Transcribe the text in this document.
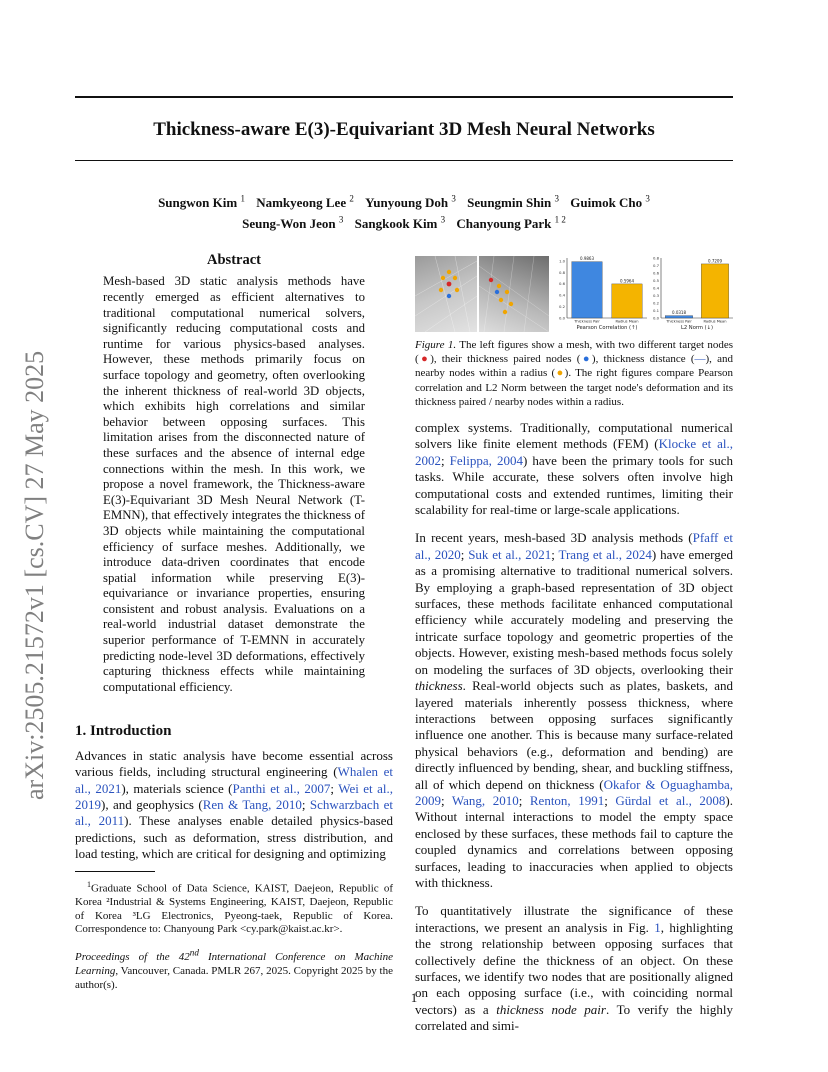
Thickness-aware E(3)-Equivariant 3D Mesh Neural Networks
Sungwon Kim $^1$ Namkyeong Lee $^2$ Yunyoung Doh $^3$ Seungmin Shin $^3$ Guimok Cho $^3$
Seung-Won Jeon $^3$ Sangkook Kim $^3$ Chanyoung Park $^{1 2}$
arXiv:2505.21572v1 [cs.CV] 27 May 2025
Abstract
Mesh-based 3D static analysis methods have recently emerged as efficient alternatives to traditional computational numerical solvers, significantly reducing computational costs and runtime for various physics-based analyses. However, these methods primarily focus on surface topology and geometry, often overlooking the inherent thickness of real-world 3D objects, which exhibits high correlations and similar behavior between opposing surfaces. This limitation arises from the disconnected nature of these surfaces and the absence of internal edge connections within the mesh. In this work, we propose a novel framework, the Thickness-aware E(3)-Equivariant 3D Mesh Neural Network (T-EMNN), that effectively integrates the thickness of 3D objects while maintaining the computational efficiency of surface meshes. Additionally, we introduce data-driven coordinates that encode spatial information while preserving E(3)-equivariance or invariance properties, ensuring consistent and robust analysis. Evaluations on a real-world industrial dataset demonstrate the superior performance of T-EMNN in accurately predicting node-level 3D deformations, effectively capturing thickness effects while maintaining computational efficiency.
1. Introduction

Advances in static analysis have become essential across various fields, including structural engineering (Whalen et al., 2021), materials science (Panthi et al., 2007; Wei et al., 2019), and geophysics (Ren & Tang, 2010; Schwarzbach et al., 2011). These analyses enable detailed physics-based predictions, such as deformation, stress distribution, and load testing, which are critical for designing and optimizing

$^1$Graduate School of Data Science, KAIST, Daejeon, Republic of Korea ²Industrial & Systems Engineering, KAIST, Daejeon, Republic of Korea ³LG Electronics, Pyeong-taek, Republic of Korea. Correspondence to: Chanyoung Park <cy.park@kaist.ac.kr>.

Proceedings of the 42nd International Conference on Machine Learning, Vancouver, Canada. PMLR 267, 2025. Copyright 2025 by the author(s).
0.0
0.2
0.4
0.6
0.8
1.0	0.9863
Thickness Pair
0.5964
Radius Mean
Pearson Correlation (↑)
0.0
0.1
0.2
0.3
0.4
0.5
0.6
0.7
0.8
0.0318
Thickness Pair
0.7209
Radius Mean
L2 Norm (↓)
Figure 1. The left figures show a mesh, with two different target nodes (●), their thickness paired nodes (●), thickness distance (—), and nearby nodes within a radius (●). The right figures compare Pearson correlation and L2 Norm between the target node's deformation and its thickness paired / nearby nodes within a radius.

complex systems. Traditionally, computational numerical solvers like finite element methods (FEM) (Klocke et al., 2002; Felippa, 2004) have been the primary tools for such tasks. While accurate, these solvers often involve high computational costs and extended runtimes, limiting their scalability for real-time or large-scale applications.

In recent years, mesh-based 3D analysis methods (Pfaff et al., 2020; Suk et al., 2021; Trang et al., 2024) have emerged as a promising alternative to traditional numerical solvers. By employing a graph-based representation of 3D object surfaces, these methods facilitate enhanced computational efficiency while accurately modeling and preserving the intricate surface topology and geometric properties of the objects. However, existing mesh-based methods focus solely on modeling the surfaces of 3D objects, overlooking their thickness. Real-world objects such as plates, baskets, and layered materials inherently possess thickness, where interactions between opposing surfaces significantly influence one another. This is because many surface-related physical behaviors (e.g., deformation and bending) are directly influenced by bending, shear, and buckling stiffness, all of which depend on thickness (Okafor & Oguaghamba, 2009; Wang, 2010; Renton, 1991; Gürdal et al., 2008). Without internal interactions to model the empty space enclosed by these surfaces, these methods fail to capture the coupled dynamics and correlations between opposing surfaces, leading to inaccuracies when applied to objects with thickness.

To quantitatively illustrate the significance of these interactions, we present an analysis in Fig. 1, highlighting the strong relationship between opposing surfaces that collectively define the thickness of an object. On these surfaces, we identify two nodes that are positionally aligned on each opposing surface (i.e., with coinciding normal vectors) as a thickness node pair. To verify the highly correlated and simi-

1
